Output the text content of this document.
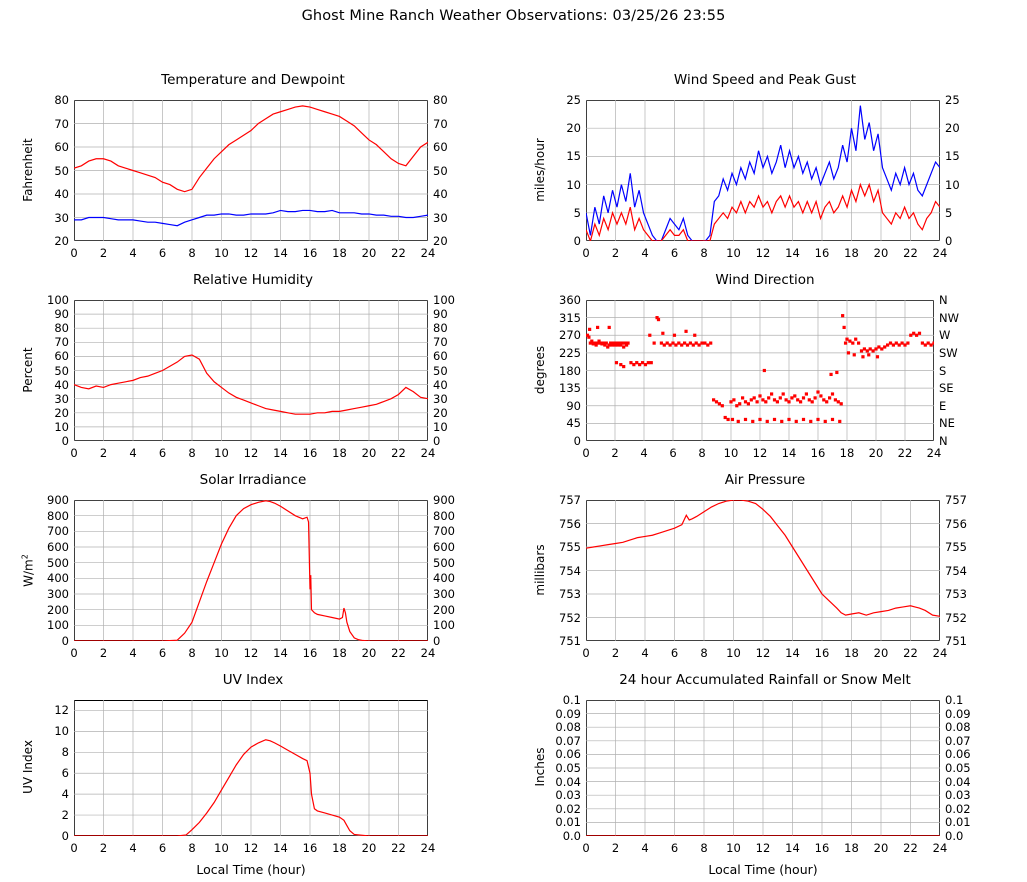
Ghost Mine Ranch Weather Observations: 03/25/26 23:55
Temperature and Dewpoint
0	2	4	6	8	10	12	14	16	18	20	22	24
20	20
30	30
40	40
50	50
60	60
70	70
80	80
Fahrenheit
Wind Speed and Peak Gust
0	2	4	6	8	10	12	14	16	18	20	22	24
0	0
5	5
10	10
15	15
20	20
25	25
miles/hour
Relative Humidity
0	2	4	6	8	10	12	14	16	18	20	22	24
0	0
10	10
20	20
30	30
40	40
50	50
60	60
70	70
80	80
90	90
100	100
Percent
Wind Direction
0	2	4	6	8	10	12	14	16	18	20	22	24
0	N
45	NE
90	E
135	SE
180	S
225	SW
270	W
315	NW
360	N
degrees
Solar Irradiance
0	2	4	6	8	10	12	14	16	18	20	22	24
0	0
100	100
200	200
300	300
400	400
500	500
600	600
700	700
800	800
900	900
$W/m^2$
Air Pressure
0	2	4	6	8	10	12	14	16	18	20	22	24
751	751
752	752
753	753
754	754
755	755
756	756
757	757
millibars
UV Index
0	2	4	6	8	10	12	14	16	18	20	22	24
0
2
4
6
8
10
12
UV Index
Local Time (hour)
24 hour Accumulated Rainfall or Snow Melt
0	2	4	6	8	10	12	14	16	18	20	22	24
0.0	0.0
0.01	0.01
0.02	0.02
0.03	0.03
0.04	0.04
0.05	0.05
0.06	0.06
0.07	0.07
0.08	0.08
0.09	0.09
0.1	0.1
Inches
Local Time (hour)
